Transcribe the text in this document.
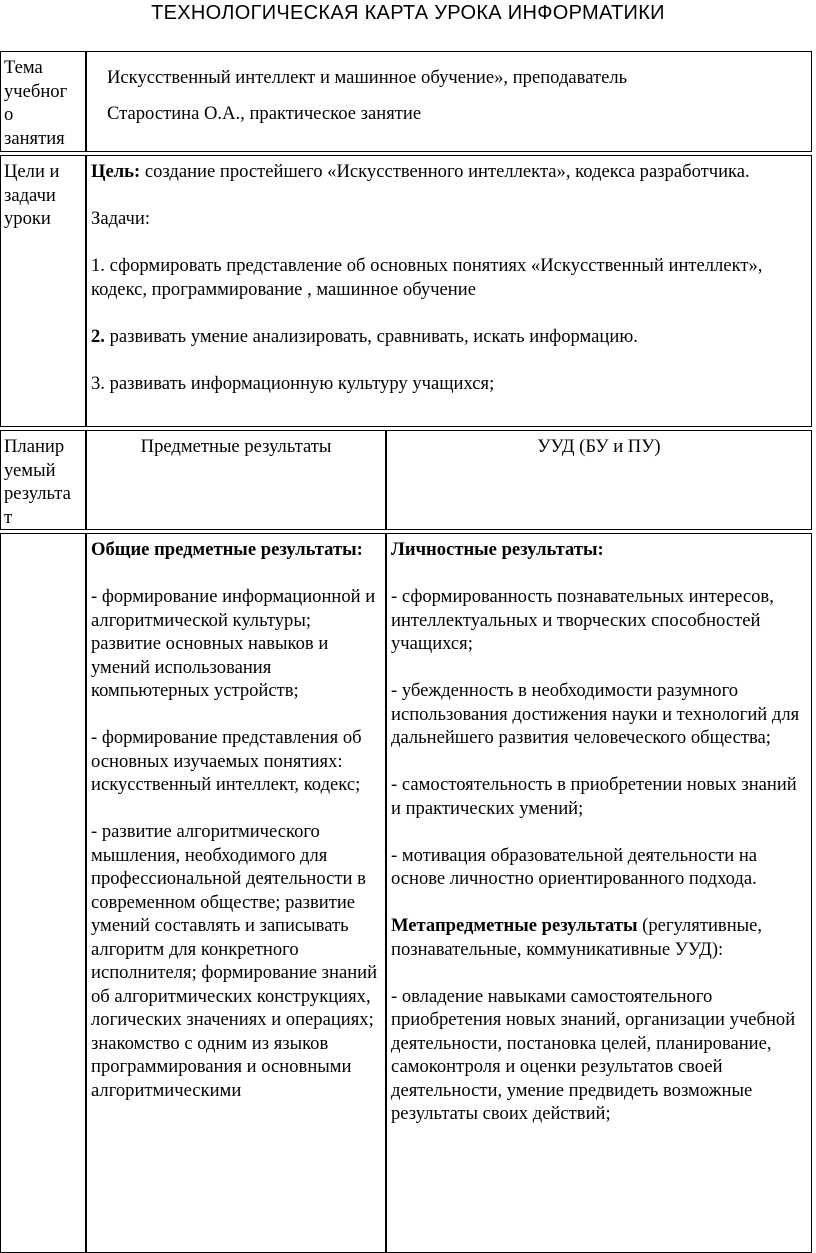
ТЕХНОЛОГИЧЕСКАЯ КАРТА УРОКА ИНФОРМАТИКИ
Тема
учебног
о
занятия
Искусственный интеллект и машинное обучение», преподаватель
Старостина О.А., практическое занятие
Цели и
задачи
уроки
Цель: создание простейшего «Искусственного интеллекта», кодекса разработчика.
Задачи:
1. сформировать представление об основных понятиях «Искусственный интеллект», кодекс, программирование , машинное обучение
2. развивать умение анализировать, сравнивать, искать информацию.
3. развивать информационную культуру учащихся;
Планир
уемый
результа
т
Предметные результаты	УУД (БУ и ПУ)
Общие предметные результаты:
- формирование информационной и алгоритмической культуры; развитие основных навыков и умений использования компьютерных устройств;
- формирование представления об основных изучаемых понятиях: искусственный интеллект, кодекс;
- развитие алгоритмического мышления, необходимого для профессиональной деятельности в современном обществе; развитие умений составлять и записывать алгоритм для конкретного исполнителя; формирование знаний об алгоритмических конструкциях, логических значениях и операциях; знакомство с одним из языков программирования и основными алгоритмическими
Личностные результаты:
- сформированность познавательных интересов, интеллектуальных и творческих способностей учащихся;
- убежденность в необходимости разумного использования достижения науки и технологий для дальнейшего развития человеческого общества;
- самостоятельность в приобретении новых знаний и практических умений;
- мотивация образовательной деятельности на основе личностно ориентированного подхода.
Метапредметные результаты (регулятивные, познавательные, коммуникативные УУД):
- овладение навыками самостоятельного приобретения новых знаний, организации учебной деятельности, постановка целей, планирование, самоконтроля и оценки результатов своей деятельности, умение предвидеть возможные результаты своих действий;
